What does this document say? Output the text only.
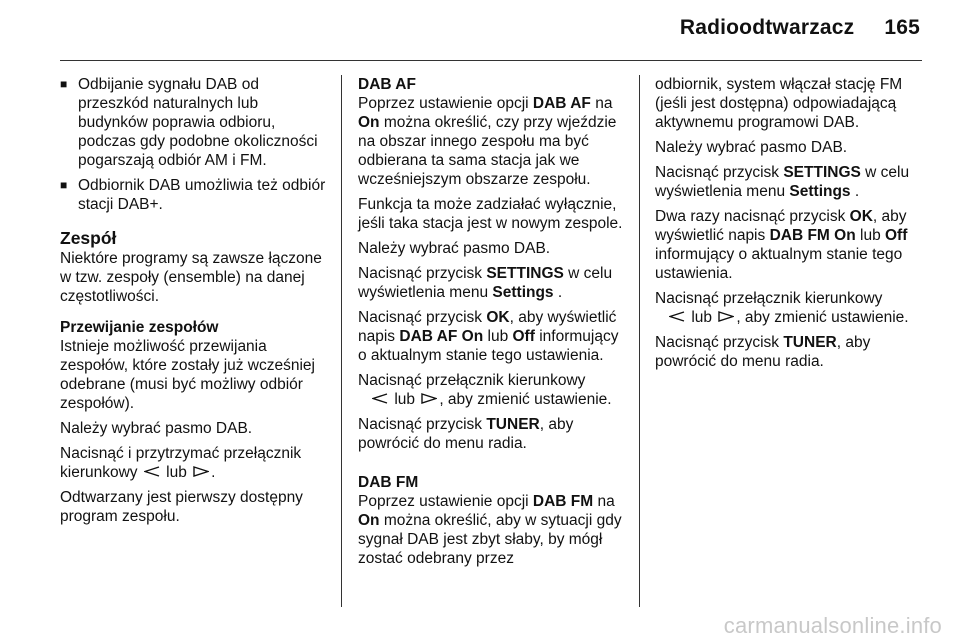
Radioodtwarzacz 165
■ Odbijanie sygnału DAB od przeszkód naturalnych lub budynków poprawia odbioru, podczas gdy podobne okoliczności pogarszają odbiór AM i FM.
■ Odbiornik DAB umożliwia też odbiór stacji DAB+.
Zespół

Niektóre programy są zawsze łączone w tzw. zespoły (ensemble) na danej częstotliwości.

Przewijanie zespołów

Istnieje możliwość przewijania zespołów, które zostały już wcześniej odebrane (musi być możliwy odbiór zespołów).

Należy wybrać pasmo DAB.

Nacisnąć i przytrzymać przełącznik kierunkowy lub .

Odtwarzany jest pierwszy dostępny program zespołu.

DAB AF

Poprzez ustawienie opcji DAB AF na On można określić, czy przy wjeździe na obszar innego zespołu ma być odbierana ta sama stacja jak we wcześniejszym obszarze zespołu.

Funkcja ta może zadziałać wyłącznie, jeśli taka stacja jest w nowym zespole.

Należy wybrać pasmo DAB.

Nacisnąć przycisk SETTINGS w celu wyświetlenia menu Settings .

Nacisnąć przycisk OK, aby wyświetlić napis DAB AF On lub Off informujący o aktualnym stanie tego ustawienia.

Nacisnąć przełącznik kierunkowy
lub , aby zmienić ustawienie.

Nacisnąć przycisk TUNER, aby powrócić do menu radia.

DAB FM

Poprzez ustawienie opcji DAB FM na On można określić, aby w sytuacji gdy sygnał DAB jest zbyt słaby, by mógł zostać odebrany przez

odbiornik, system włączał stację FM (jeśli jest dostępna) odpowiadającą aktywnemu programowi DAB.

Należy wybrać pasmo DAB.

Nacisnąć przycisk SETTINGS w celu wyświetlenia menu Settings .

Dwa razy nacisnąć przycisk OK, aby wyświetlić napis DAB FM On lub Off informujący o aktualnym stanie tego ustawienia.

Nacisnąć przełącznik kierunkowy
lub , aby zmienić ustawienie.

Nacisnąć przycisk TUNER, aby powrócić do menu radia.

carmanualsonline.info
